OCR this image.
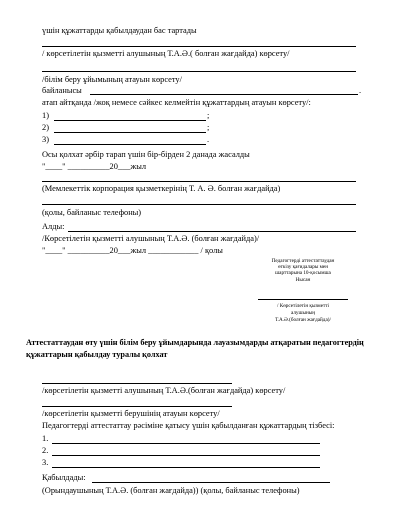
үшін құжаттарды қабылдаудан бас тартады
/ көрсетілетін қызметті алушының Т.А.Ә.( болған жағдайда) көрсету/
/білім беру ұйымының атауын көрсету/
байланысы	.
атап айтқанда /жоқ немесе сәйкес келмейтін құжаттардың атауын көрсету/:
1)	;
2)	;
3)	.
Осы қолхат әрбір тарап үшін бір-бірден 2 данада жасалды
"____" __________20___жыл
(Мемлекеттік корпорация қызметкерінің Т. А. Ә. болған жағдайда)
(қолы, байланыс телефоны)
Алды:
/Көрсетілетін қызметті алушының Т.А.Ә. (болған жағдайда)/
"____" __________20___жыл ____________ / қолы
Педагогтерді аттестаттаудан
өткізу қағидалары мен
шарттарына 10-қосымша
Нысан
/ Көрсетілетін қызметті
алушының
Т.А.Ә.(болған жағдайда)/
Аттестаттаудан өту үшін білім беру ұйымдарында лауазымдарды атқаратын педагогтердің
құжаттарын қабылдау туралы қолхат
/көрсетілетін қызметті алушының Т.А.Ә.(болған жағдайда) көрсету/
/көрсетілетін қызметті берушінің атауын көрсету/
Педагогтерді аттестаттау рәсіміне қатысу үшін қабылданған құжаттардың тізбесі:
1.
2.
3.
Қабылдады:
(Орындаушының Т.А.Ә. (болған жағдайда)) (қолы, байланыс телефоны)
